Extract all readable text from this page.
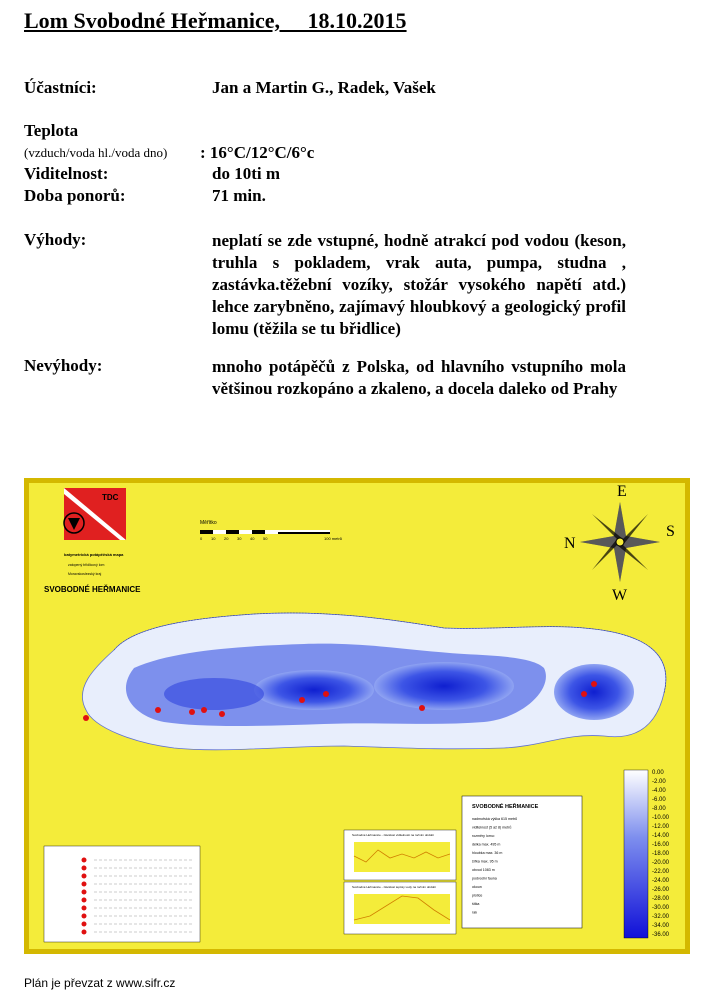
Lom Svobodné Heřmanice,     18.10.2015
Účastníci:	Jan a Martin G., Radek, Vašek
Teplota
(vzduch/voda hl./voda dno) : 16°C/12°C/6°c
Viditelnost:	do 10ti m
Doba ponorů:	71 min.
Výhody:	neplatí se zde vstupné, hodně atrakcí pod vodou (keson, truhla s pokladem, vrak auta, pumpa, studna , zastávka.těžební vozíky, stožár vysokého napětí atd.) lehce zarybněno, zajímavý hloubkový a geologický profil lomu (těžila se tu břidlice)
Nevýhody:	mnoho potápěčů z Polska, od hlavního vstupního mola většinou rozkopáno a zkaleno, a docela daleko od Prahy
TDC
Měřítko
0 10 20 30 40 50	100 metrů
batymetrická potápěčská mapa
zatopený břidlicový lom
Moravskoslezský kraj
SVOBODNÉ HEŘMANICE
E
N
S
W
0.00
-2.00
-4.00
-6.00
-8.00
-10.00
-12.00
-14.00
-16.00
-18.00
-20.00
-22.00
-24.00
-26.00
-28.00
-30.00
-32.00
-34.00
-36.00
SVOBODNÉ HEŘMANICE
nadmořská výška 615 metrů
viditelnost (5 až 8) metrů
rozměry lomu:
délka max. 495 m
hloubka max. 36 m
šířka max. 95 m
obvod 1083 m
podvodní fauna
okoun
plotice
štika
rak
Svobodné Heřmanice - závislost viditelnosti na ročním období
Svobodné Heřmanice - závislost teploty vody na ročním období
Plán je převzat z www.sifr.cz
